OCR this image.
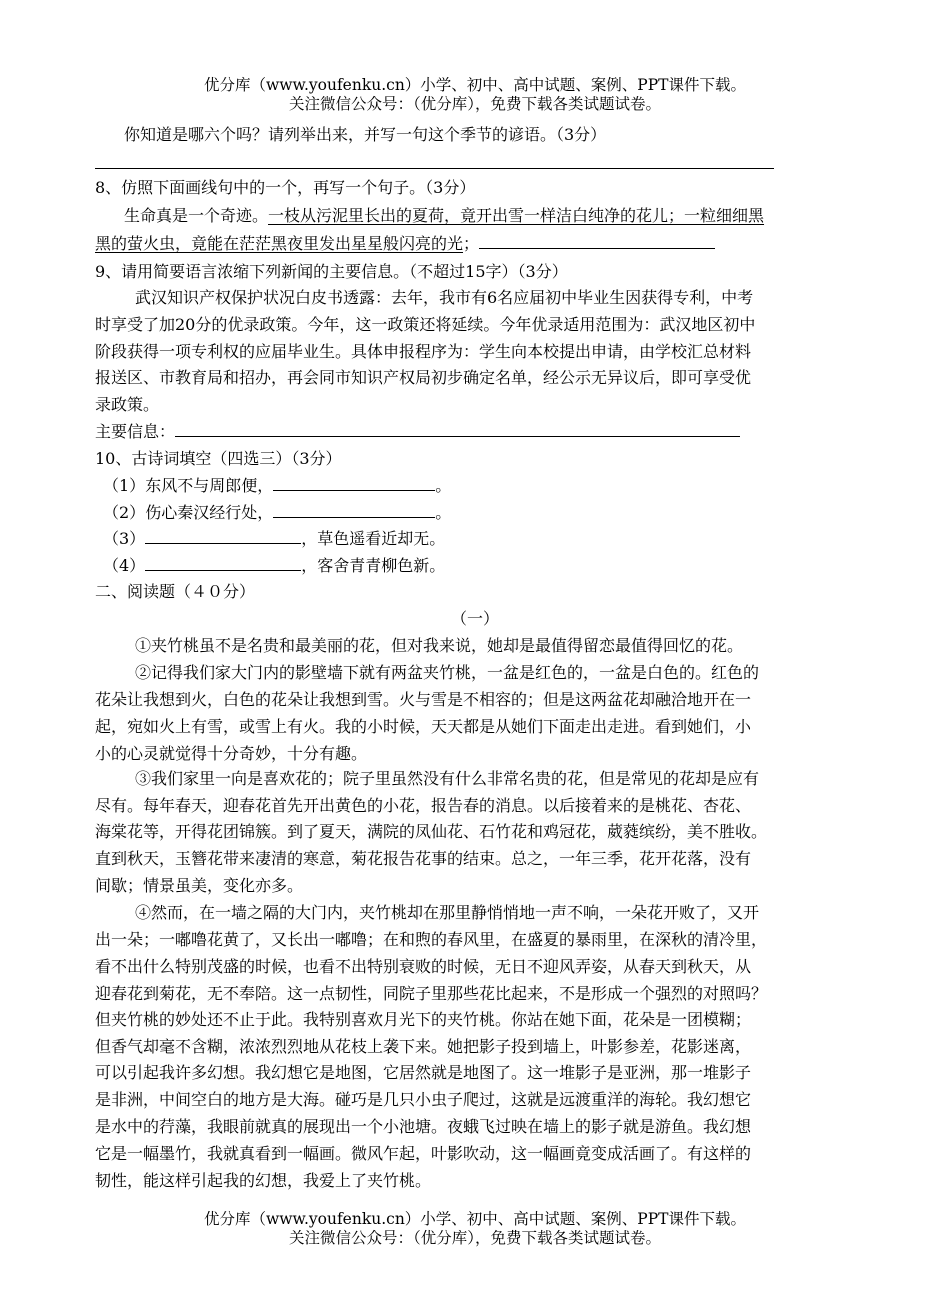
优分库（www.youfenku.cn）小学、初中、高中试题、案例、PPT课件下载。
关注微信公众号：（优分库），免费下载各类试题试卷。
你知道是哪六个吗？请列举出来，并写一句这个季节的谚语。（3分）
8、仿照下面画线句中的一个，再写一个句子。（3分）
生命真是一个奇迹。一枝从污泥里长出的夏荷，竟开出雪一样洁白纯净的花儿；一粒细细黑
黑的萤火虫，竟能在茫茫黑夜里发出星星般闪亮的光；
9、请用简要语言浓缩下列新闻的主要信息。（不超过15字）（3分）
武汉知识产权保护状况白皮书透露：去年，我市有6名应届初中毕业生因获得专利，中考
时享受了加20分的优录政策。今年，这一政策还将延续。今年优录适用范围为：武汉地区初中
阶段获得一项专利权的应届毕业生。具体申报程序为：学生向本校提出申请，由学校汇总材料
报送区、市教育局和招办，再会同市知识产权局初步确定名单，经公示无异议后，即可享受优
录政策。
主要信息：
10、古诗词填空（四选三）（3分）
（1）东风不与周郎便，	。
（2）伤心秦汉经行处，	。
（3）	，草色遥看近却无。
（4）	，客舍青青柳色新。
二、阅读题（４０分）
（一）
①夹竹桃虽不是名贵和最美丽的花，但对我来说，她却是最值得留恋最值得回忆的花。
②记得我们家大门内的影壁墙下就有两盆夹竹桃，一盆是红色的，一盆是白色的。红色的
花朵让我想到火，白色的花朵让我想到雪。火与雪是不相容的；但是这两盆花却融洽地开在一
起，宛如火上有雪，或雪上有火。我的小时候，天天都是从她们下面走出走进。看到她们，小
小的心灵就觉得十分奇妙，十分有趣。
③我们家里一向是喜欢花的；院子里虽然没有什么非常名贵的花，但是常见的花却是应有
尽有。每年春天，迎春花首先开出黄色的小花，报告春的消息。以后接着来的是桃花、杏花、
海棠花等，开得花团锦簇。到了夏天，满院的凤仙花、石竹花和鸡冠花，葳蕤缤纷，美不胜收。
直到秋天，玉簪花带来凄清的寒意，菊花报告花事的结束。总之，一年三季，花开花落，没有
间歇；情景虽美，变化亦多。
④然而，在一墙之隔的大门内，夹竹桃却在那里静悄悄地一声不响，一朵花开败了，又开
出一朵；一嘟噜花黄了，又长出一嘟噜；在和煦的春风里，在盛夏的暴雨里，在深秋的清冷里，
看不出什么特别茂盛的时候，也看不出特别衰败的时候，无日不迎风弄姿，从春天到秋天，从
迎春花到菊花，无不奉陪。这一点韧性，同院子里那些花比起来，不是形成一个强烈的对照吗？
但夹竹桃的妙处还不止于此。我特别喜欢月光下的夹竹桃。你站在她下面，花朵是一团模糊；
但香气却毫不含糊，浓浓烈烈地从花枝上袭下来。她把影子投到墙上，叶影参差，花影迷离，
可以引起我许多幻想。我幻想它是地图，它居然就是地图了。这一堆影子是亚洲，那一堆影子
是非洲，中间空白的地方是大海。碰巧是几只小虫子爬过，这就是远渡重洋的海轮。我幻想它
是水中的荇藻，我眼前就真的展现出一个小池塘。夜蛾飞过映在墙上的影子就是游鱼。我幻想
它是一幅墨竹，我就真看到一幅画。微风乍起，叶影吹动，这一幅画竟变成活画了。有这样的
韧性，能这样引起我的幻想，我爱上了夹竹桃。
优分库（www.youfenku.cn）小学、初中、高中试题、案例、PPT课件下载。
关注微信公众号：（优分库），免费下载各类试题试卷。
